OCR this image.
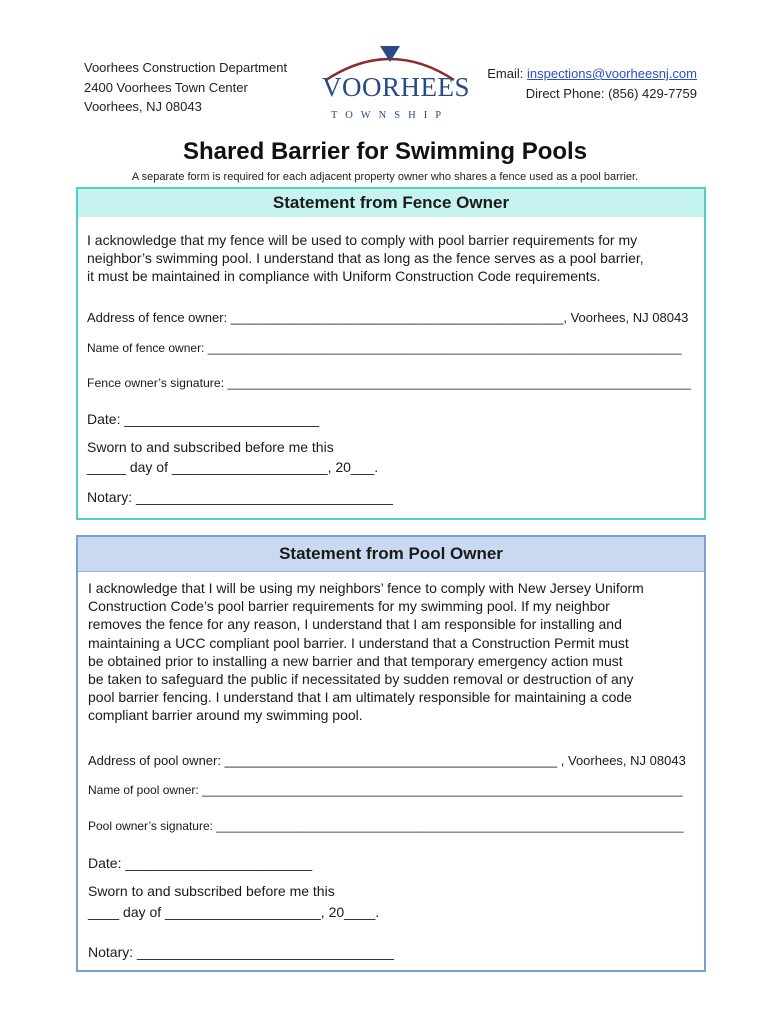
Voorhees Construction Department
2400 Voorhees Town Center
Voorhees, NJ 08043
VOORHEES
TOWNSHIP
Email: inspections@voorheesnj.com
Direct Phone: (856) 429-7759
Shared Barrier for Swimming Pools
A separate form is required for each adjacent property owner who shares a fence used as a pool barrier.
Statement from Fence Owner
I acknowledge that my fence will be used to comply with pool barrier requirements for my
neighbor’s swimming pool. I understand that as long as the fence serves as a pool barrier,
it must be maintained in compliance with Uniform Construction Code requirements.
Address of fence owner: ______________________________________________, Voorhees, NJ 08043
Name of fence owner: _______________________________________________________________________
Fence owner’s signature: ____________________________________________________________________
Date: _________________________
Sworn to and subscribed before me this
_____ day of ____________________, 20___.
Notary: _________________________________
Statement from Pool Owner
I acknowledge that I will be using my neighbors’ fence to comply with New Jersey Uniform
Construction Code’s pool barrier requirements for my swimming pool. If my neighbor
removes the fence for any reason, I understand that I am responsible for installing and
maintaining a UCC compliant pool barrier. I understand that a Construction Permit must
be obtained prior to installing a new barrier and that temporary emergency action must
be taken to safeguard the public if necessitated by sudden removal or destruction of any
pool barrier fencing. I understand that I am ultimately responsible for maintaining a code
compliant barrier around my swimming pool.
Address of pool owner: ______________________________________________ , Voorhees, NJ 08043
Name of pool owner: ________________________________________________________________________
Pool owner’s signature: ______________________________________________________________________
Date: ________________________
Sworn to and subscribed before me this
____ day of ____________________, 20____.
Notary: _________________________________
